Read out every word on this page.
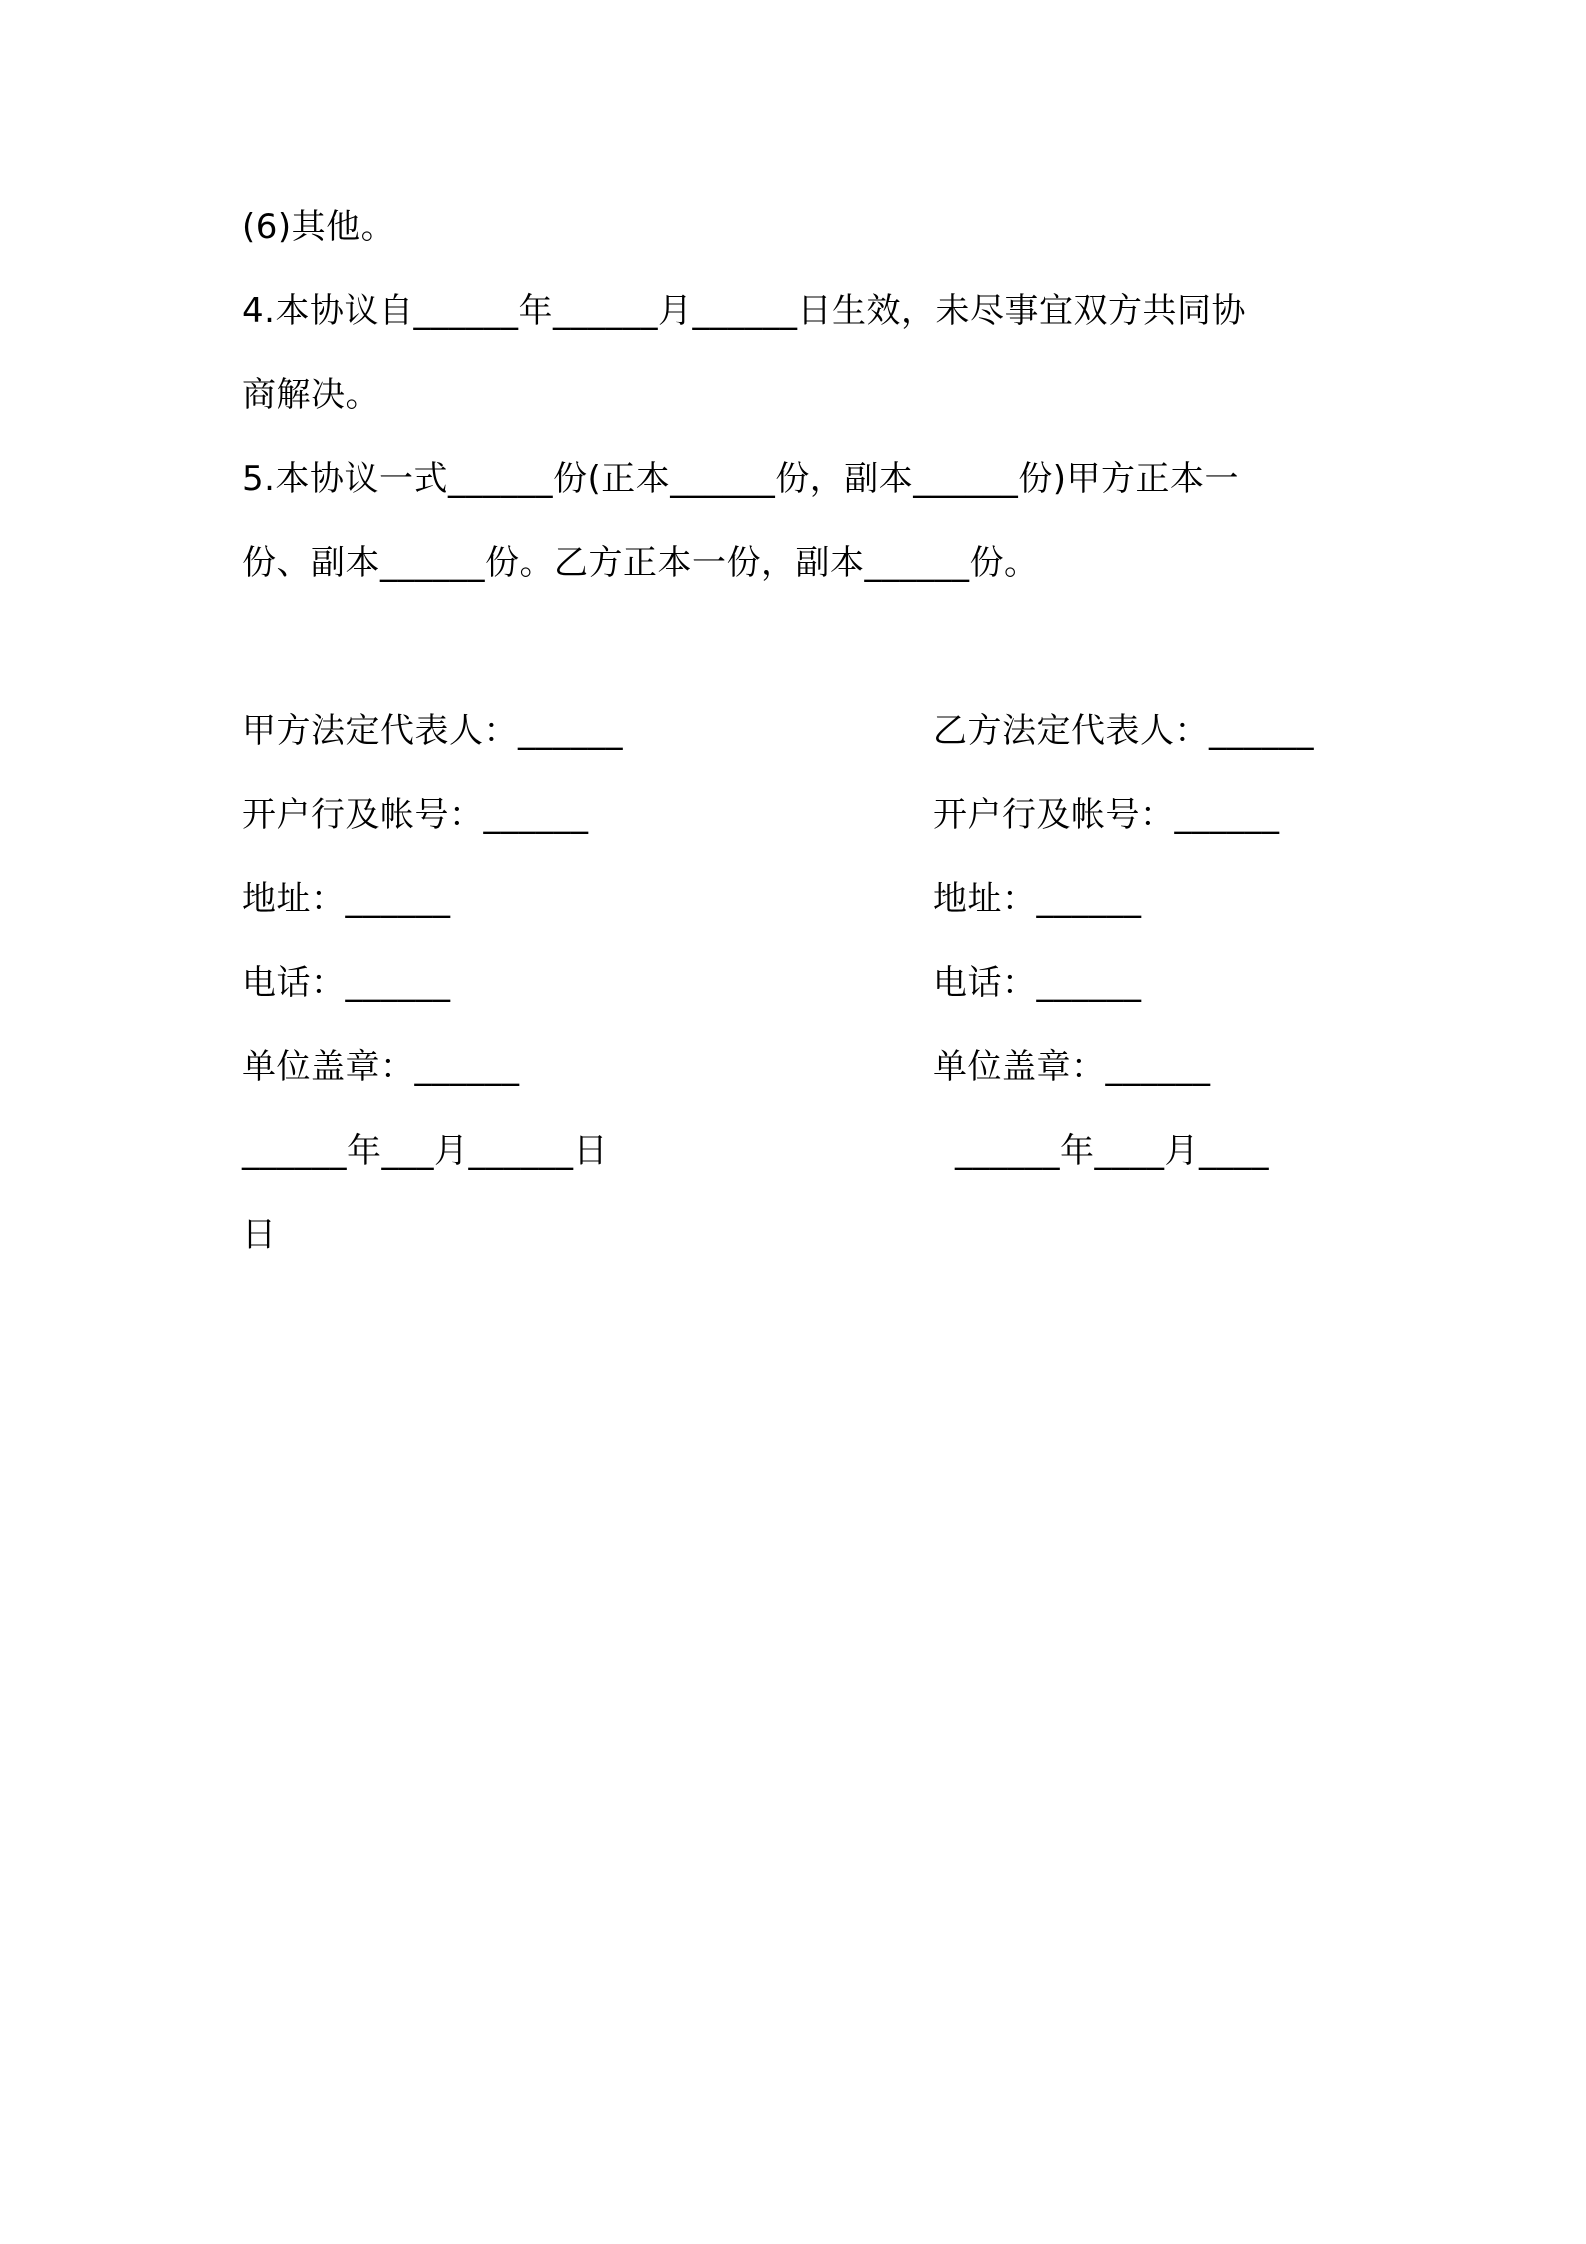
(6)其他。
4.本协议自______年______月______日生效，未尽事宜双方共同协
商解决。
5.本协议一式______份(正本______份，副本______份)甲方正本一
份、副本______份。乙方正本一份，副本______份。
甲方法定代表人：______
开户行及帐号：______
地址：______
电话：______
单位盖章：______
______年___月______日
日
乙方法定代表人：______
开户行及帐号：______
地址：______
电话：______
单位盖章：______
______年____月____
